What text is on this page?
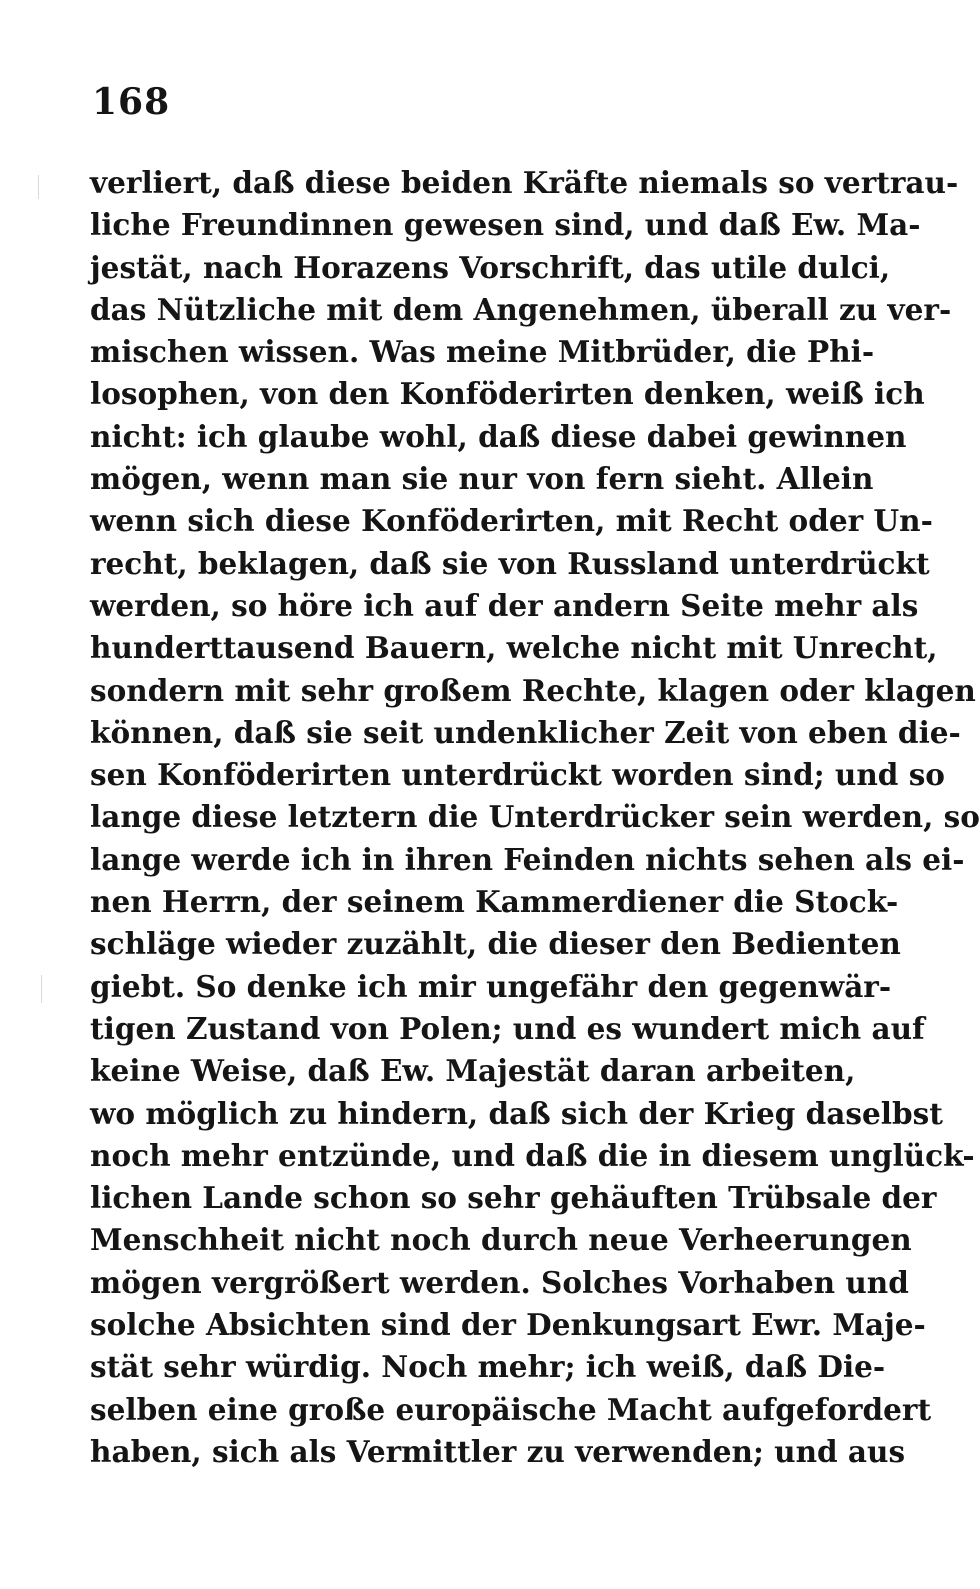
168
verliert, daß diese beiden Kräfte niemals so vertrau-
liche Freundinnen gewesen sind, und daß Ew. Ma-
jestät, nach Horazens Vorschrift, das utile dulci,
das Nützliche mit dem Angenehmen, überall zu ver-
mischen wissen. Was meine Mitbrüder, die Phi-
losophen, von den Konföderirten denken, weiß ich
nicht: ich glaube wohl, daß diese dabei gewinnen
mögen, wenn man sie nur von fern sieht. Allein
wenn sich diese Konföderirten, mit Recht oder Un-
recht, beklagen, daß sie von Russland unterdrückt
werden, so höre ich auf der andern Seite mehr als
hunderttausend Bauern, welche nicht mit Unrecht,
sondern mit sehr großem Rechte, klagen oder klagen
können, daß sie seit undenklicher Zeit von eben die-
sen Konföderirten unterdrückt worden sind; und so
lange diese letztern die Unterdrücker sein werden, so
lange werde ich in ihren Feinden nichts sehen als ei-
nen Herrn, der seinem Kammerdiener die Stock-
schläge wieder zuzählt, die dieser den Bedienten
giebt. So denke ich mir ungefähr den gegenwär-
tigen Zustand von Polen; und es wundert mich auf
keine Weise, daß Ew. Majestät daran arbeiten,
wo möglich zu hindern, daß sich der Krieg daselbst
noch mehr entzünde, und daß die in diesem unglück-
lichen Lande schon so sehr gehäuften Trübsale der
Menschheit nicht noch durch neue Verheerungen
mögen vergrößert werden. Solches Vorhaben und
solche Absichten sind der Denkungsart Ewr. Maje-
stät sehr würdig. Noch mehr; ich weiß, daß Die-
selben eine große europäische Macht aufgefordert
haben, sich als Vermittler zu verwenden; und aus
